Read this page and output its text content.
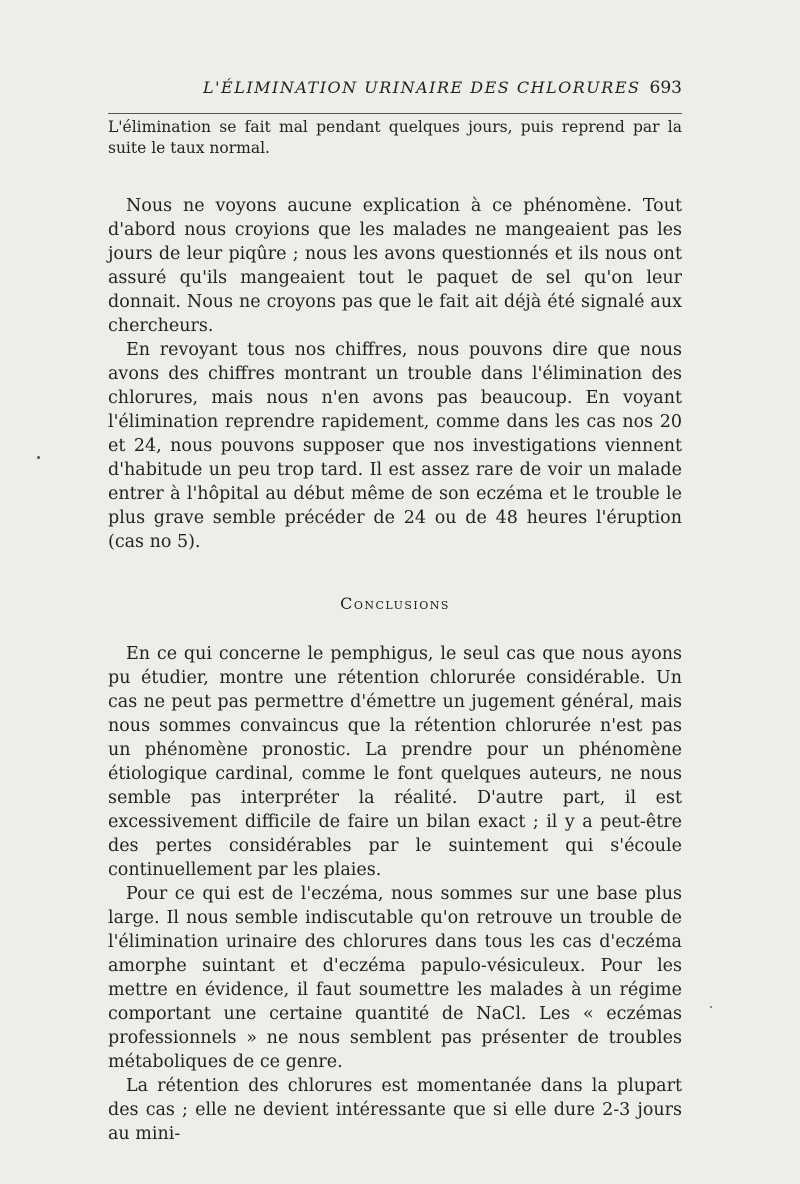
L'ÉLIMINATION URINAIRE DES CHLORURES 693

L'élimination se fait mal pendant quelques jours, puis reprend par la suite le taux normal.

Nous ne voyons aucune explication à ce phénomène. Tout d'abord nous croyions que les malades ne mangeaient pas les jours de leur piqûre ; nous les avons questionnés et ils nous ont assuré qu'ils mangeaient tout le paquet de sel qu'on leur donnait. Nous ne croyons pas que le fait ait déjà été signalé aux chercheurs.

En revoyant tous nos chiffres, nous pouvons dire que nous avons des chiffres montrant un trouble dans l'élimination des chlorures, mais nous n'en avons pas beaucoup. En voyant l'élimination reprendre rapidement, comme dans les cas nos 20 et 24, nous pouvons supposer que nos investigations viennent d'habitude un peu trop tard. Il est assez rare de voir un malade entrer à l'hôpital au début même de son eczéma et le trouble le plus grave semble précéder de 24 ou de 48 heures l'éruption (cas no 5).

Conclusions

En ce qui concerne le pemphigus, le seul cas que nous ayons pu étudier, montre une rétention chlorurée considérable. Un cas ne peut pas permettre d'émettre un jugement général, mais nous sommes convaincus que la rétention chlorurée n'est pas un phénomène pronostic. La prendre pour un phénomène étiologique cardinal, comme le font quelques auteurs, ne nous semble pas interpréter la réalité. D'autre part, il est excessivement difficile de faire un bilan exact ; il y a peut-être des pertes considérables par le suintement qui s'écoule continuellement par les plaies.

Pour ce qui est de l'eczéma, nous sommes sur une base plus large. Il nous semble indiscutable qu'on retrouve un trouble de l'élimination urinaire des chlorures dans tous les cas d'eczéma amorphe suintant et d'eczéma papulo-vésiculeux. Pour les mettre en évidence, il faut soumettre les malades à un régime comportant une certaine quantité de NaCl. Les « eczémas professionnels » ne nous semblent pas présenter de troubles métaboliques de ce genre.

La rétention des chlorures est momentanée dans la plupart des cas ; elle ne devient intéressante que si elle dure 2-3 jours au mini-
